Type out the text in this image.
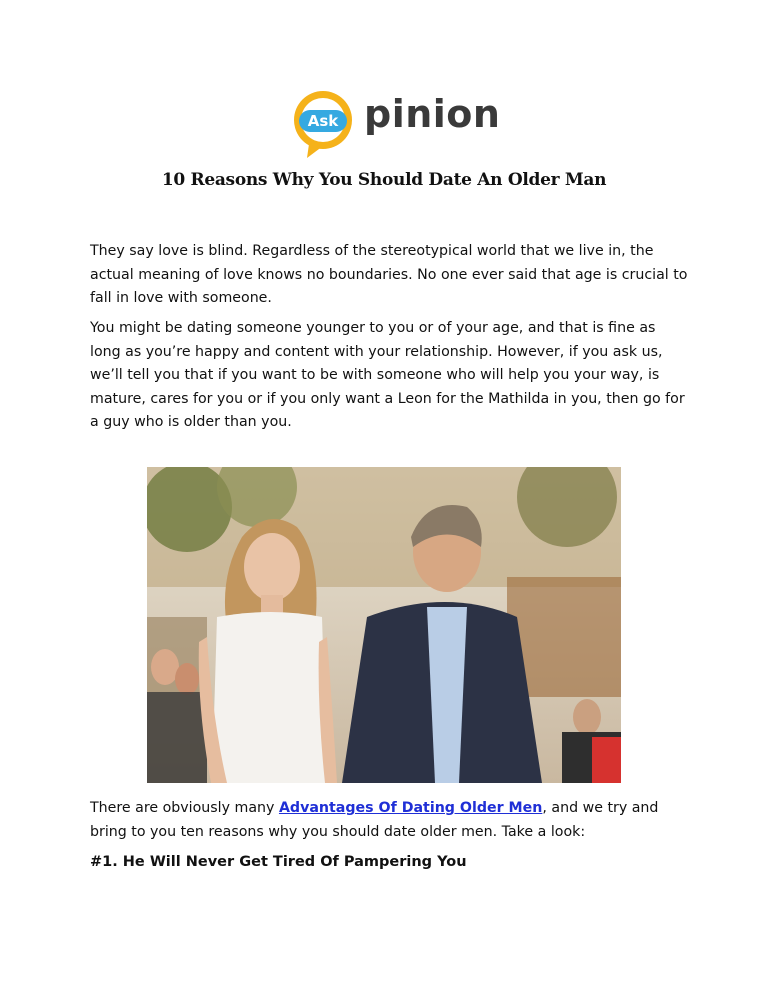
Ask pinion
10 Reasons Why You Should Date An Older Man

They say love is blind. Regardless of the stereotypical world that we live in, the actual meaning of love knows no boundaries. No one ever said that age is crucial to fall in love with someone.

You might be dating someone younger to you or of your age, and that is fine as long as you’re happy and content with your relationship. However, if you ask us, we’ll tell you that if you want to be with someone who will help you your way, is mature, cares for you or if you only want a Leon for the Mathilda in you, then go for a guy who is older than you.

There are obviously many Advantages Of Dating Older Men, and we try and bring to you ten reasons why you should date older men. Take a look:

#1. He Will Never Get Tired Of Pampering You
